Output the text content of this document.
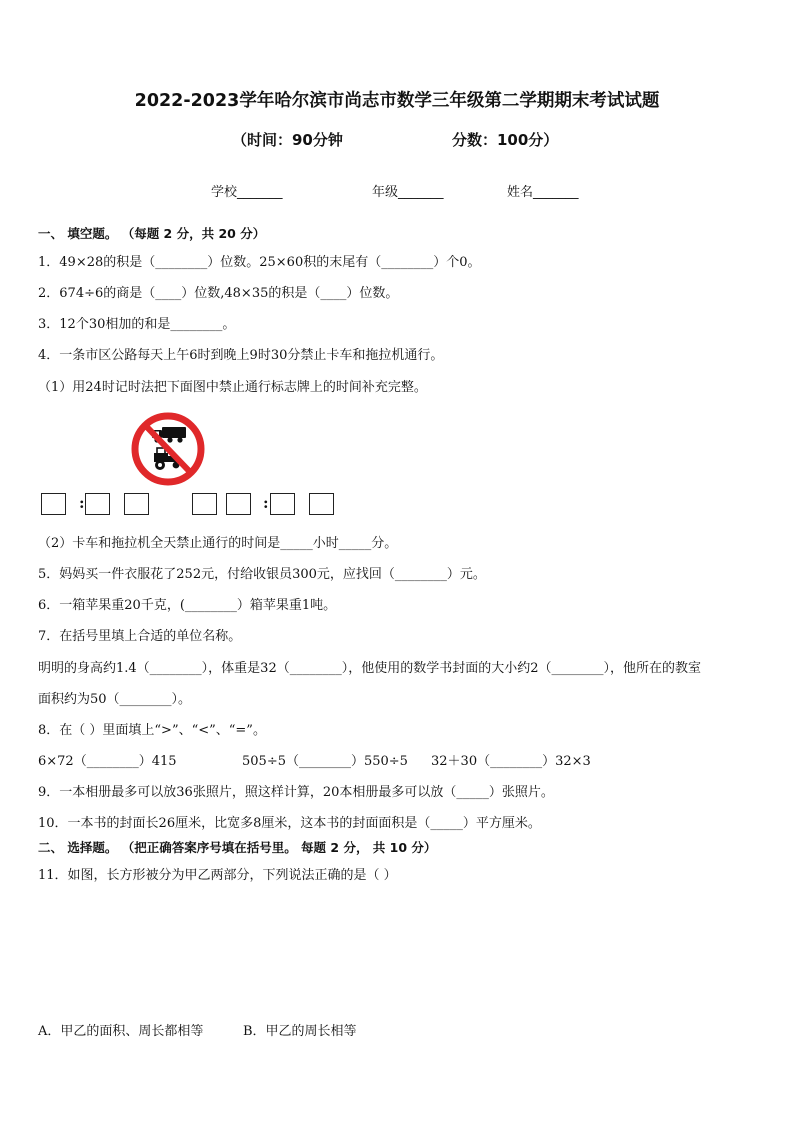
2022-2023学年哈尔滨市尚志市数学三年级第二学期期末考试试题
（时间：90分钟	分数：100分）
学校_______	年级_______	姓名_______
一、 填空题。 （每题 2 分，共 20 分）
1．49×28的积是（________）位数。25×60积的末尾有（________）个0。
2．674÷6的商是（____）位数,48×35的积是（____）位数。
3．12个30相加的和是________。
4．一条市区公路每天上午6时到晚上9时30分禁止卡车和拖拉机通行。
（1）用24时记时法把下面图中禁止通行标志牌上的时间补充完整。
:	:
（2）卡车和拖拉机全天禁止通行的时间是_____小时_____分。
5．妈妈买一件衣服花了252元，付给收银员300元，应找回（________）元。
6．一箱苹果重20千克，(________）箱苹果重1吨。
7．在括号里填上合适的单位名称。
明明的身高约1.4（________），体重是32（________），他使用的数学书封面的大小约2（________），他所在的教室
面积约为50（________）。
8．在（ ）里面填上“>”、“<”、“=”。
6×72（________）415	505÷5（________）550÷5 32＋30（________）32×3
9．一本相册最多可以放36张照片，照这样计算，20本相册最多可以放（_____）张照片。
10．一本书的封面长26厘米，比宽多8厘米，这本书的封面面积是（_____）平方厘米。
二、 选择题。 （把正确答案序号填在括号里。 每题 2 分， 共 10 分）
11．如图，长方形被分为甲乙两部分，下列说法正确的是（ ）
A．甲乙的面积、周长都相等	B．甲乙的周长相等
